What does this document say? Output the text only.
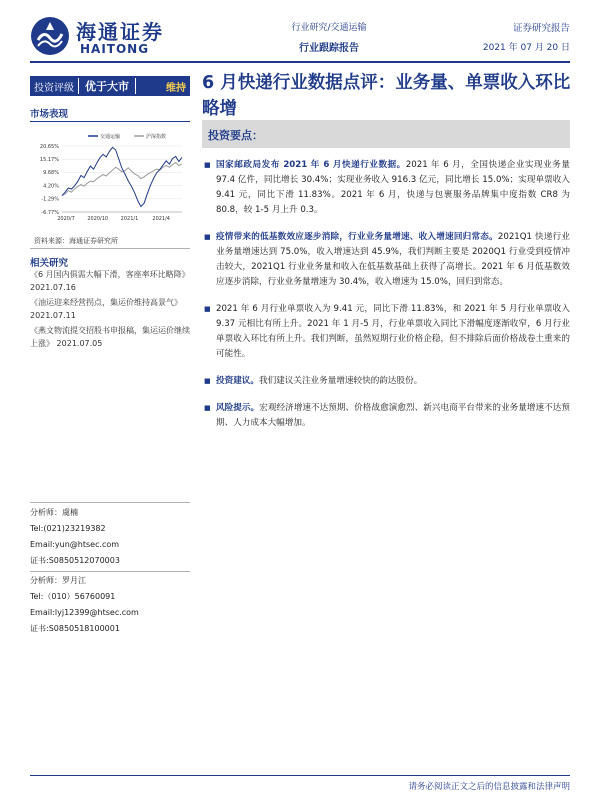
海通证券
HAITONG
行业研究/交通运输
行业跟踪报告
证券研究报告
2021 年 07 月 20 日
投资评级	优于大市	维持 6 月快递行业数据点评：业务量、单票收入环比略增
市场表现
交通运输	沪深指数
20.65%
15.17%
9.68%
4.20%
-1.29%
-6.77%
2020/7	2020/10	2021/1	2021/4
资料来源：海通证券研究所
相关研究
《6 月国内俱需大幅下滑，客座率环比略降》 2021.07.16
《油运迎来经营拐点，集运价维持高景气》 2021.07.11
《燕文物流提交招股书申报稿，集运运价继续上涨》 2021.07.05
分析师：虞楠
Tel:(021)23219382
Email:yun@htsec.com
证书:S0850512070003
分析师：罗月江
Tel:（010）56760091
Email:lyj12399@htsec.com
证书:S0850518100001
投资要点：
■ 国家邮政局发布 2021 年 6 月快递行业数据。2021 年 6 月，全国快递企业实现业务量 97.4 亿件，同比增长 30.4%；实现业务收入 916.3 亿元，同比增长 15.0%；实现单票收入 9.41 元，同比下滑 11.83%。2021 年 6 月，快递与包裹服务品牌集中度指数 CR8 为 80.8，较 1-5 月上升 0.3。
■ 疫情带来的低基数效应逐步消除，行业业务量增速、收入增速回归常态。2021Q1 快递行业业务量增速达到 75.0%，收入增速达到 45.9%，我们判断主要是 2020Q1 行业受到疫情冲击较大，2021Q1 行业业务量和收入在低基数基础上获得了高增长。2021 年 6 月低基数效应逐步消除，行业业务量增速为 30.4%，收入增速为 15.0%，回归到常态。
■ 2021 年 6 月行业单票收入为 9.41 元，同比下滑 11.83%，和 2021 年 5 月行业单票收入 9.37 元相比有所上升。2021 年 1 月-5 月，行业单票收入同比下滑幅度逐渐收窄，6 月行业单票收入环比有所上升。我们判断，虽然短期行业价格企稳，但不排除后面价格战卷土重来的可能性。
■ 投资建议。我们建议关注业务量增速较快的韵达股份。
■ 风险提示。宏观经济增速不达预期、价格战愈演愈烈、新兴电商平台带来的业务量增速不达预期、人力成本大幅增加。
请务必阅读正文之后的信息披露和法律声明
